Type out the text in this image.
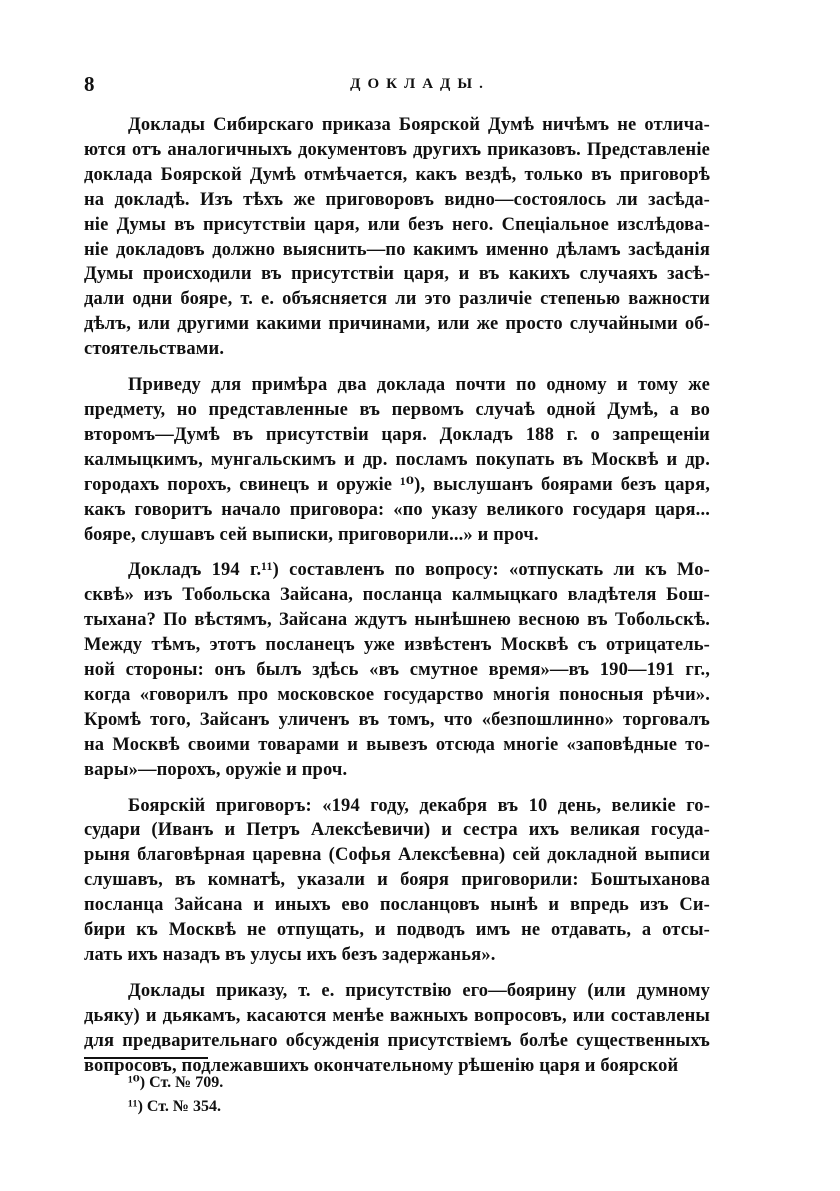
8	ДОКЛАДЫ.
Доклады Сибирскаго приказа Боярской Думѣ ничѣмъ не отлича-
ются отъ аналогичныхъ документовъ другихъ приказовъ. Представленіе
доклада Боярской Думѣ отмѣчается, какъ вездѣ, только въ приговорѣ
на докладѣ. Изъ тѣхъ же приговоровъ видно—состоялось ли засѣда-
ніе Думы въ присутствіи царя, или безъ него. Спеціальное изслѣдова-
ніе докладовъ должно выяснить—по какимъ именно дѣламъ засѣданія
Думы происходили въ присутствіи царя, и въ какихъ случаяхъ засѣ-
дали одни бояре, т. е. объясняется ли это различіе степенью важности
дѣлъ, или другими какими причинами, или же просто случайными об-
стоятельствами.
Приведу для примѣра два доклада почти по одному и тому же
предмету, но представленные въ первомъ случаѣ одной Думѣ, а во
второмъ—Думѣ въ присутствіи царя. Докладъ 188 г. о запрещеніи
калмыцкимъ, мунгальскимъ и др. посламъ покупать въ Москвѣ и др.
городахъ порохъ, свинецъ и оружіе ¹⁰), выслушанъ боярами безъ царя,
какъ говоритъ начало приговора: «по указу великого государя царя...
бояре, слушавъ сей выписки, приговорили...» и проч.
Докладъ 194 г.¹¹) составленъ по вопросу: «отпускать ли къ Мо-
сквѣ» изъ Тобольска Зайсана, посланца калмыцкаго владѣтеля Бош-
тыхана? По вѣстямъ, Зайсана ждутъ нынѣшнею весною въ Тобольскѣ.
Между тѣмъ, этотъ посланецъ уже извѣстенъ Москвѣ съ отрицатель-
ной стороны: онъ былъ здѣсь «въ смутное время»—въ 190—191 гг.,
когда «говорилъ про московское государство многія поносныя рѣчи».
Кромѣ того, Зайсанъ уличенъ въ томъ, что «безпошлинно» торговалъ
на Москвѣ своими товарами и вывезъ отсюда многіе «заповѣдные то-
вары»—порохъ, оружіе и проч.
Боярскій приговоръ: «194 году, декабря въ 10 день, великіе го-
судари (Иванъ и Петръ Алексѣевичи) и сестра ихъ великая госуда-
рыня благовѣрная царевна (Софья Алексѣевна) сей докладной выписи
слушавъ, въ комнатѣ, указали и бояря приговорили: Боштыханова
посланца Зайсана и иныхъ ево посланцовъ нынѣ и впредь изъ Си-
бири къ Москвѣ не отпущать, и подводъ имъ не отдавать, а отсы-
лать ихъ назадъ въ улусы ихъ безъ задержанья».
Доклады приказу, т. е. присутствію его—боярину (или думному
дьяку) и дьякамъ, касаются менѣе важныхъ вопросовъ, или составлены
для предварительнаго обсужденія присутствіемъ болѣе существенныхъ
вопросовъ, подлежавшихъ окончательному рѣшенію царя и боярской
¹⁰) Ст. № 709.
¹¹) Ст. № 354.
